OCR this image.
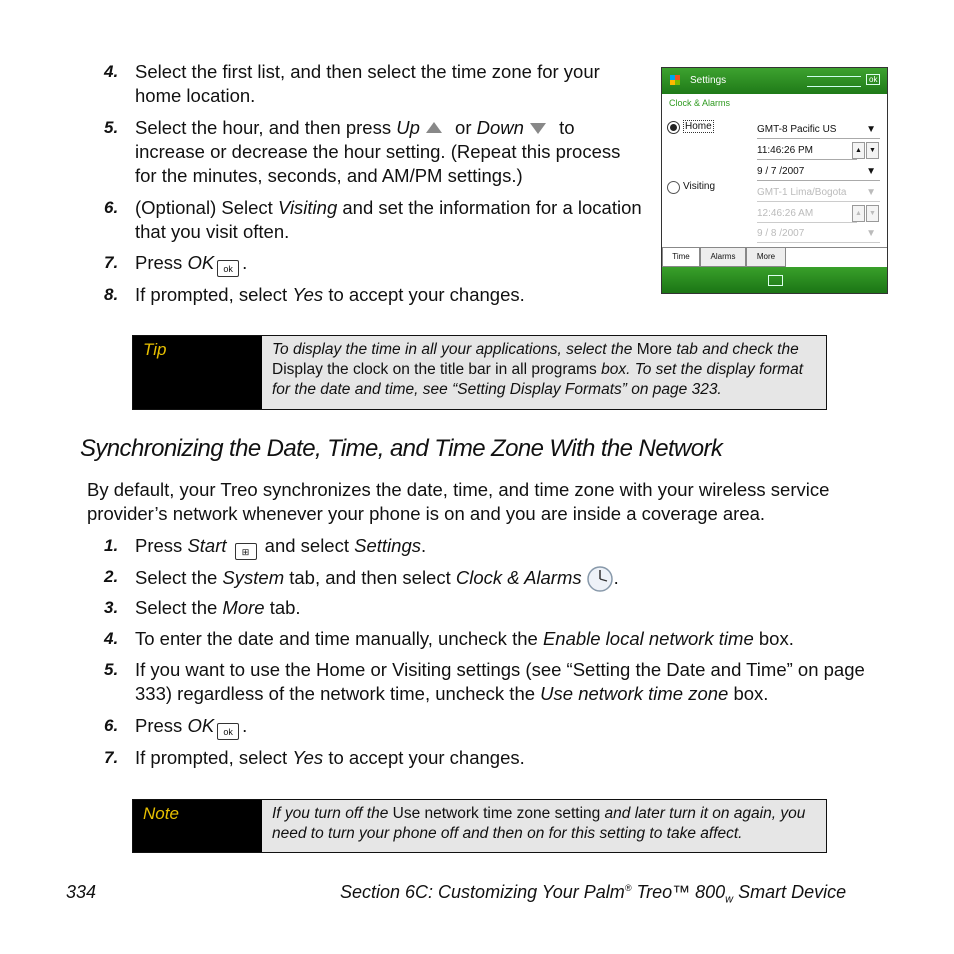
4. Select the first list, and then select the time zone for your home location.
5. Select the hour, and then press Up or Down to increase or decrease the hour setting. (Repeat this process for the minutes, seconds, and AM/PM settings.)
6. (Optional) Select Visiting and set the information for a location that you visit often.
7. Press OK ok .
8. If prompted, select Yes to accept your changes.
Settings	ok
Clock & Alarms
Home	GMT-8 Pacific US	▼
11:46:26 PM	▲	▼
9 / 7 /2007	▼
Visiting
GMT-1 Lima/Bogota ▼
12:46:26 AM	▲	▼
9 / 8 /2007	▼
Time	Alarms	More
Tip	To display the time in all your applications, select the More tab and check the Display the clock on the title bar in all programs box. To set the display format for the date and time, see “Setting Display Formats” on page 323.
Synchronizing the Date, Time, and Time Zone With the Network
By default, your Treo synchronizes the date, time, and time zone with your wireless service provider’s network whenever your phone is on and you are inside a coverage area.
1. Press Start ⊞ and select Settings.
2. Select the System tab, and then select Clock & Alarms .
3. Select the More tab.
4. To enter the date and time manually, uncheck the Enable local network time box.
5. If you want to use the Home or Visiting settings (see “Setting the Date and Time” on page 333) regardless of the network time, uncheck the Use network time zone box.
6. Press OK ok .
7. If prompted, select Yes to accept your changes.
Note	If you turn off the Use network time zone setting and later turn it on again, you need to turn your phone off and then on for this setting to take affect.
334	Section 6C: Customizing Your Palm® Treo™ $800_w$ Smart Device
